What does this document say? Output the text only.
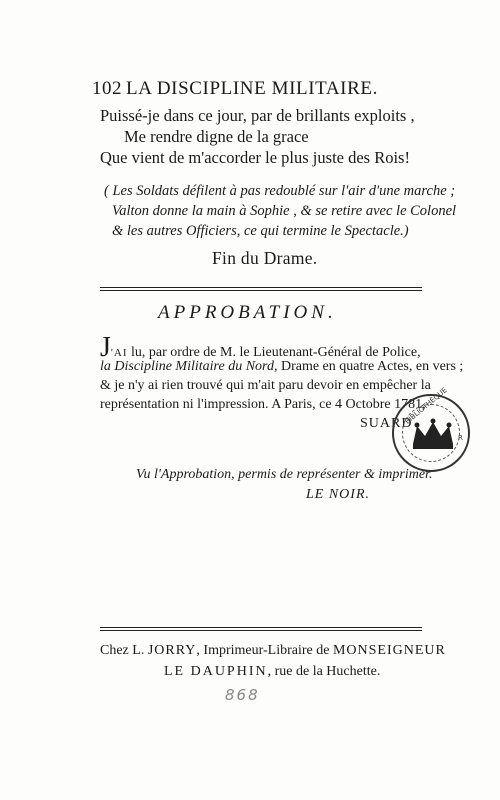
102 LA DISCIPLINE MILITAIRE.
Puissé-je dans ce jour, par de brillants exploits ,
Me rendre digne de la grace
Que vient de m'accorder le plus juste des Rois!
( Les Soldats défilent à pas redoublé sur l'air d'une marche ;
Valton donne la main à Sophie , & se retire avec le Colonel
& les autres Officiers, ce qui termine le Spectacle.)
Fin du Drame.
APPROBATION.
J'AI lu, par ordre de M. le Lieutenant-Général de Police,
la Discipline Militaire du Nord, Drame en quatre Actes, en vers ;
& je n'y ai rien trouvé qui m'ait paru devoir en empêcher la
représentation ni l'impression. A Paris, ce 4 Octobre 1781,
SUARD
BIBLIOTHÈQUE
R
Vu l'Approbation, permis de représenter & imprimer.
LE NOIR.
Chez L. JORRY, Imprimeur-Libraire de MONSEIGNEUR
LE DAUPHIN, rue de la Huchette.
868
